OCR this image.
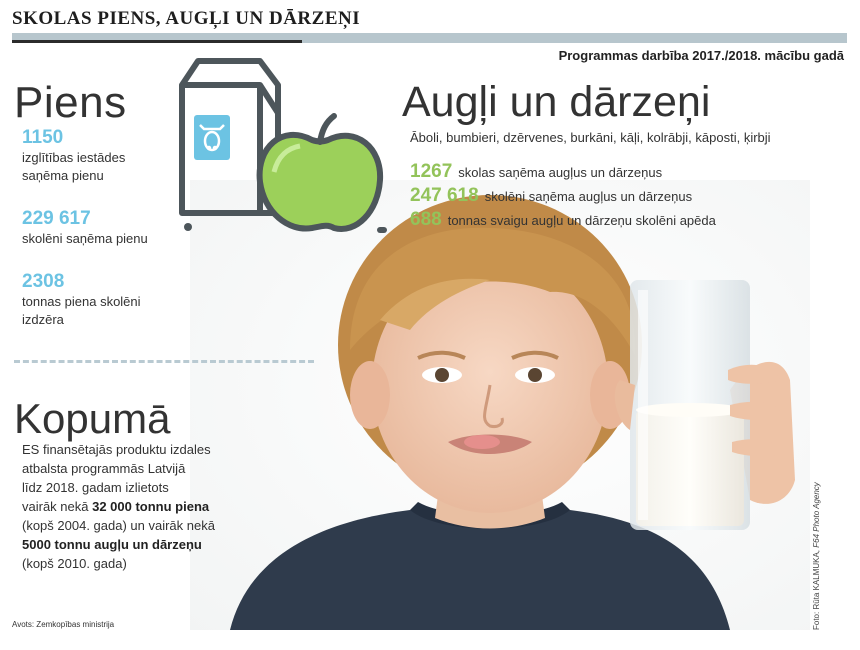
SKOLAS PIENS, AUGĻI UN DĀRZEŅI
Programmas darbība 2017./2018. mācību gadā
Piens
1150
izglītības iestādes
saņēma pienu
229 617
skolēni saņēma pienu
2308
tonnas piena skolēni
izdzēra
Augļi un dārzeņi
Āboli, bumbieri, dzērvenes, burkāni, kāļi, kolrābji, kāposti, ķirbji
1267 skolas saņēma augļus un dārzeņus
247 618 skolēni saņēma augļus un dārzeņus
688 tonnas svaigu augļu un dārzeņu skolēni apēda
Kopumā
ES finansētajās produktu izdales
atbalsta programmās Latvijā
līdz 2018. gadam izlietots
vairāk nekā 32 000 tonnu piena
(kopš 2004. gada) un vairāk nekā
5000 tonnu augļu un dārzeņu
(kopš 2010. gada)
Avots: Zemkopības ministrija	Foto: Rūta KALMUKA, F64 Photo Agency
